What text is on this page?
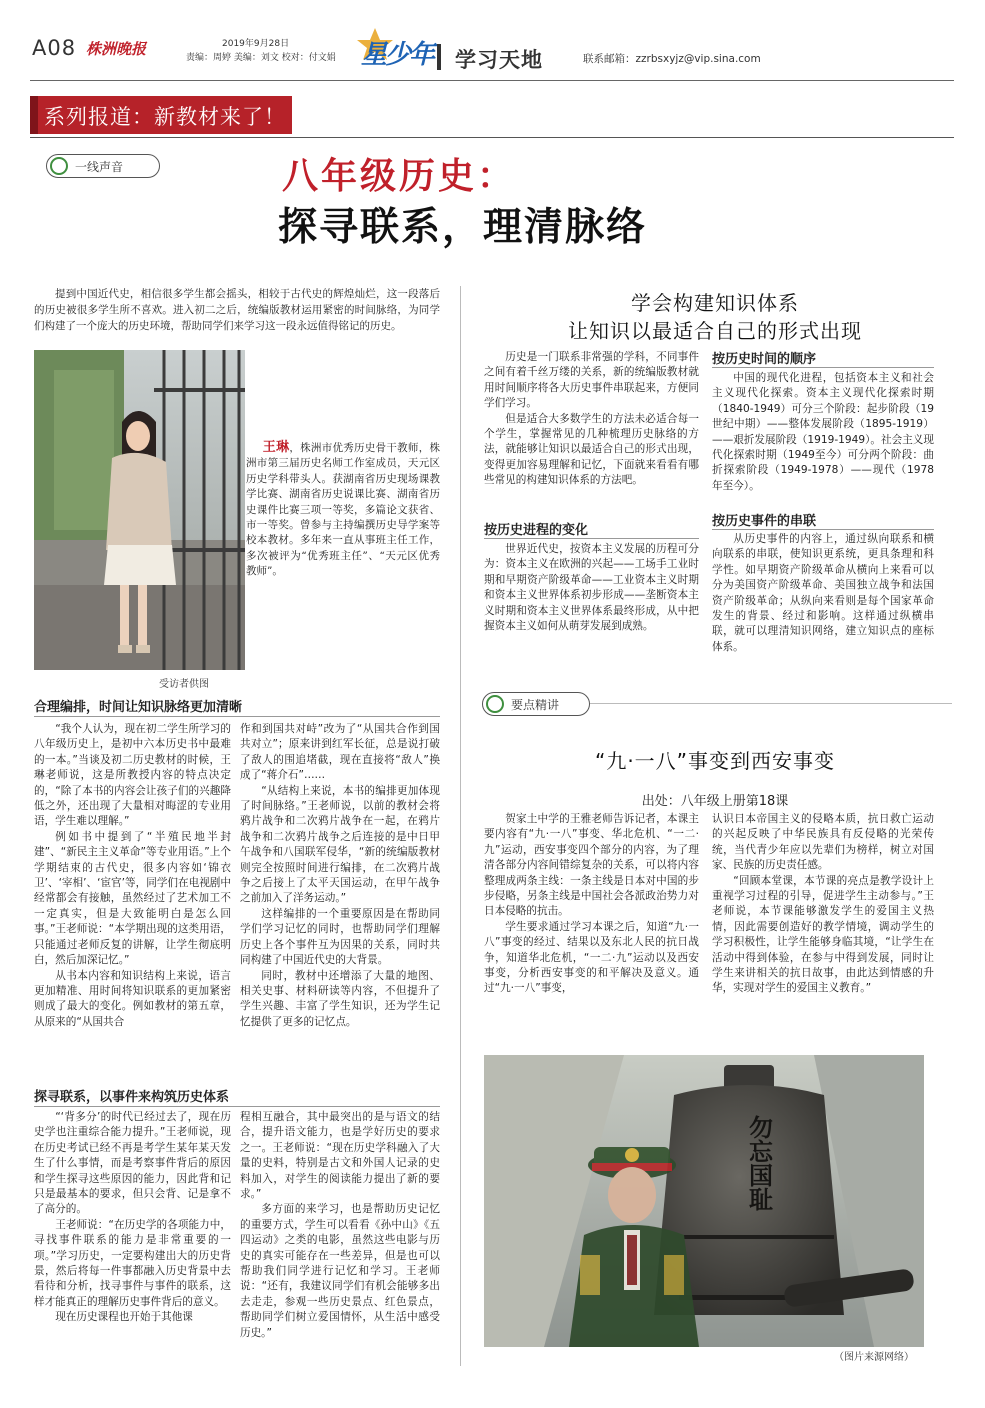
A08 株洲晚报	2019年9月28日
责编：周婷 美编：刘文 校对：付文娟 星少年 学习天地	联系邮箱：zzrbsxyjz@vip.sina.com
系列报道：新教材来了！
一线声音	八年级历史：
探寻联系，理清脉络

提到中国近代史，相信很多学生都会摇头，相较于古代史的辉煌灿烂，这一段落后的历史被很多学生所不喜欢。进入初二之后，统编版教材运用紧密的时间脉络，为同学们构建了一个庞大的历史环境，帮助同学们来学习这一段永远值得铭记的历史。

受访者供图

王琳，株洲市优秀历史骨干教师，株洲市第三届历史名师工作室成员，天元区历史学科带头人。获湖南省历史现场课教学比赛、湖南省历史说课比赛、湖南省历史课件比赛三项一等奖，多篇论文获省、市一等奖。曾参与主持编撰历史导学案等校本教材。多年来一直从事班主任工作，多次被评为“优秀班主任”、“天元区优秀教师”。

合理编排，时间让知识脉络更加清晰

“我个人认为，现在初二学生所学习的八年级历史上，是初中六本历史书中最难的一本。”当谈及初二历史教材的时候，王琳老师说，这是所教授内容的特点决定的，“除了本书的内容会让孩子们的兴趣降低之外，还出现了大量相对晦涩的专业用语，学生难以理解。”

例如书中提到了“半殖民地半封建”、“新民主主义革命”等专业用语。”上个学期结束的古代史，很多内容如‘锦衣卫’、‘宰相’、‘宦官’等，同学们在电视剧中经常都会有接触，虽然经过了艺术加工不一定真实，但是大致能明白是怎么回事。”王老师说：“本学期出现的这类用语，只能通过老师反复的讲解，让学生彻底明白，然后加深记忆。”

从书本内容和知识结构上来说，语言更加精准、用时间将知识联系的更加紧密则成了最大的变化。例如教材的第五章，从原来的“从国共合

作和到国共对峙”改为了“从国共合作到国共对立”；原来讲到红军长征，总是说打破了敌人的围追堵截，现在直接将“敌人”换成了“蒋介石”……

“从结构上来说，本书的编排更加体现了时间脉络。”王老师说，以前的教材会将鸦片战争和二次鸦片战争在一起，在鸦片战争和二次鸦片战争之后连接的是中日甲午战争和八国联军侵华，“新的统编版教材则完全按照时间进行编排，在二次鸦片战争之后接上了太平天国运动，在甲午战争之前加入了洋务运动。”

这样编排的一个重要原因是在帮助同学们学习记忆的同时，也帮助同学们理解历史上各个事件互为因果的关系，同时共同构建了中国近代史的大背景。

同时，教材中还增添了大量的地图、相关史事、材料研读等内容，不但提升了学生兴趣、丰富了学生知识，还为学生记忆提供了更多的记忆点。

探寻联系，以事件来构筑历史体系

“‘背多分’的时代已经过去了，现在历史学也注重综合能力提升。”王老师说，现在历史考试已经不再是考学生某年某天发生了什么事情，而是考察事件背后的原因和学生探寻这些原因的能力，因此背和记只是最基本的要求，但只会背、记是拿不了高分的。

王老师说：“在历史学的各项能力中，寻找事件联系的能力是非常重要的一项。”学习历史，一定要构建出大的历史背景，然后将每一件事都融入历史背景中去看待和分析，找寻事件与事件的联系，这样才能真正的理解历史事件背后的意义。

现在历史课程也开始于其他课

程相互融合，其中最突出的是与语文的结合，提升语文能力，也是学好历史的要求之一。王老师说：“现在历史学科融入了大量的史料，特别是古文和外国人记录的史料加入，对学生的阅读能力提出了新的要求。”

多方面的来学习，也是帮助历史记忆的重要方式，学生可以看看《孙中山》《五四运动》之类的电影，虽然这些电影与历史的真实可能存在一些差异，但是也可以帮助我们同学进行记忆和学习。王老师说：“还有，我建议同学们有机会能够多出去走走，参观一些历史景点、红色景点，帮助同学们树立爱国情怀，从生活中感受历史。”

学会构建知识体系
让知识以最适合自己的形式出现

历史是一门联系非常强的学科，不同事件之间有着千丝万缕的关系，新的统编版教材就用时间顺序将各大历史事件串联起来，方便同学们学习。

但是适合大多数学生的方法未必适合每一个学生，掌握常见的几种梳理历史脉络的方法，就能够让知识以最适合自己的形式出现，变得更加容易理解和记忆，下面就来看看有哪些常见的构建知识体系的方法吧。

按历史进程的变化

世界近代史，按资本主义发展的历程可分为：资本主义在欧洲的兴起——工场手工业时期和早期资产阶级革命——工业资本主义时期和资本主义世界体系初步形成——垄断资本主义时期和资本主义世界体系最终形成，从中把握资本主义如何从萌芽发展到成熟。

按历史时间的顺序

中国的现代化进程，包括资本主义和社会主义现代化探索。资本主义现代化探索时期（1840-1949）可分三个阶段：起步阶段（19世纪中期）——整体发展阶段（1895-1919）——艰折发展阶段（1919-1949）。社会主义现代化探索时期（1949至今）可分两个阶段：曲折探索阶段（1949-1978）——现代（1978年至今）。

按历史事件的串联

从历史事件的内容上，通过纵向联系和横向联系的串联，使知识更系统，更具条理和科学性。如早期资产阶级革命从横向上来看可以分为美国资产阶级革命、美国独立战争和法国资产阶级革命；从纵向来看则是每个国家革命发生的背景、经过和影响。这样通过纵横串联，就可以理清知识网络，建立知识点的座标体系。

要点精讲
“九·一八”事变到西安事变
出处：八年级上册第18课

贺家土中学的王雅老师告诉记者，本课主要内容有“九·一八”事变、华北危机、“一二·九”运动，西安事变四个部分的内容，为了理清各部分内容间错综复杂的关系，可以将内容整理成两条主线：一条主线是日本对中国的步步侵略，另条主线是中国社会各派政治势力对日本侵略的抗击。

学生要求通过学习本课之后，知道“九·一八”事变的经过、结果以及东北人民的抗日战争，知道华北危机，“一二·九”运动以及西安事变，分析西安事变的和平解决及意义。通过“九·一八”事变，

认识日本帝国主义的侵略本质，抗日救亡运动的兴起反映了中华民族具有反侵略的光荣传统，当代青少年应以先辈们为榜样，树立对国家、民族的历史责任感。

“回顾本堂课，本节课的亮点是教学设计上重视学习过程的引导，促进学生主动参与。”王老师说，本节课能够激发学生的爱国主义热情，因此需要创造好的教学情境，调动学生的学习积极性，让学生能够身临其境，“让学生在活动中得到体验，在参与中得到发展，同时让学生来讲相关的抗日故事，由此达到情感的升华，实现对学生的爱国主义教育。”

勿忘国耻
（图片来源网络）
